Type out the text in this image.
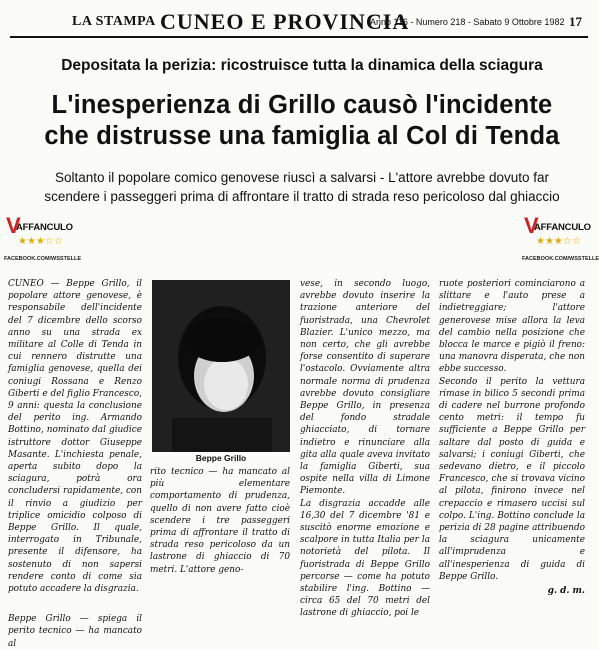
LA STAMPA CUNEO E PROVINCIA
Anno 116 - Numero 218 - Sabato 9 Ottobre 1982 17
Depositata la perizia: ricostruisce tutta la dinamica della sciagura
L'inesperienza di Grillo causò l'incidente
che distrusse una famiglia al Col di Tenda
Soltanto il popolare comico genovese riuscì a salvarsi - L'attore avrebbe dovuto far
scendere i passeggeri prima di affrontare il tratto di strada reso pericoloso dal ghiaccio
V
AFFANCULO
★★★☆☆
FACEBOOK.COM/WSSTELLE
V
AFFANCULO
★★★☆☆
FACEBOOK.COM/WSSTELLE

CUNEO — Beppe Grillo, il popolare attore genovese, è responsabile dell'incidente del 7 dicembre dello scorso anno su una strada ex militare al Colle di Tenda in cui rennero distrutte una famiglia genovese, quella dei coniugi Rossana e Renzo Giberti e del figlio Francesco, 9 anni: questa la conclusione del perito ing. Armando Bottino, nominato dal giudice istruttore dottor Giuseppe Masante. L'inchiesta penale, aperta subito dopo la sciagura, potrà ora concludersi rapidamente, con il rinvio a giudizio per triplice omicidio colposo di Beppe Grillo. Il quale, interrogato in Tribunale, presente il difensore, ha sostenuto di non sapersi rendere conto di come sia potuto accadere la disgrazia.

Beppe Grillo — spiega il perito tecnico — ha mancato al

Beppe Grillo

rito tecnico — ha mancato al più elementare comportamento di prudenza, quello di non avere fatto cioè scendere i tre passeggeri prima di affrontare il tratto di strada reso pericoloso da un lastrone di ghiaccio di 70 metri. L'attore geno-

vese, in secondo luogo, avrebbe dovuto inserire la trazione anteriore del fuoristrada, una Chevrolet Blazier. L'unico mezzo, ma non certo, che gli avrebbe forse consentito di superare l'ostacolo. Ovviamente altra normale norma di prudenza avrebbe dovuto consigliare Beppe Grillo, in presenza del fondo stradale ghiacciato, di tornare indietro e rinunciare alla gita alla quale aveva invitato la famiglia Giberti, sua ospite nella villa di Limone Piemonte.

La disgrazia accadde alle 16,30 del 7 dicembre '81 e suscitò enorme emozione e scalpore in tutta Italia per la notorietà del pilota. Il fuoristrada di Beppe Grillo percorse — come ha potuto stabilire l'ing. Bottino — circa 65 del 70 metri del lastrone di ghiaccio, poi le

ruote posteriori cominciarono a slittare e l'auto prese a indietreggiare; l'attore generovese mise allora la leva del cambio nella posizione che blocca le marce e pigiò il freno: una manovra disperata, che non ebbe successo.

Secondo il perito la vettura rimase in bilico 5 secondi prima di cadere nel burrone profondo cento metri: il tempo fu sufficiente a Beppe Grillo per saltare dal posto di guida e salvarsi; i coniugi Giberti, che sedevano dietro, e il piccolo Francesco, che si trovava vicino al pilota, finirono invece nel crepaccio e rimasero uccisi sul colpo. L'ing. Bottino conclude la perizia di 28 pagine attribuendo la sciagura unicamente all'imprudenza e all'inesperienza di guida di Beppe Grillo.

g. d. m.
